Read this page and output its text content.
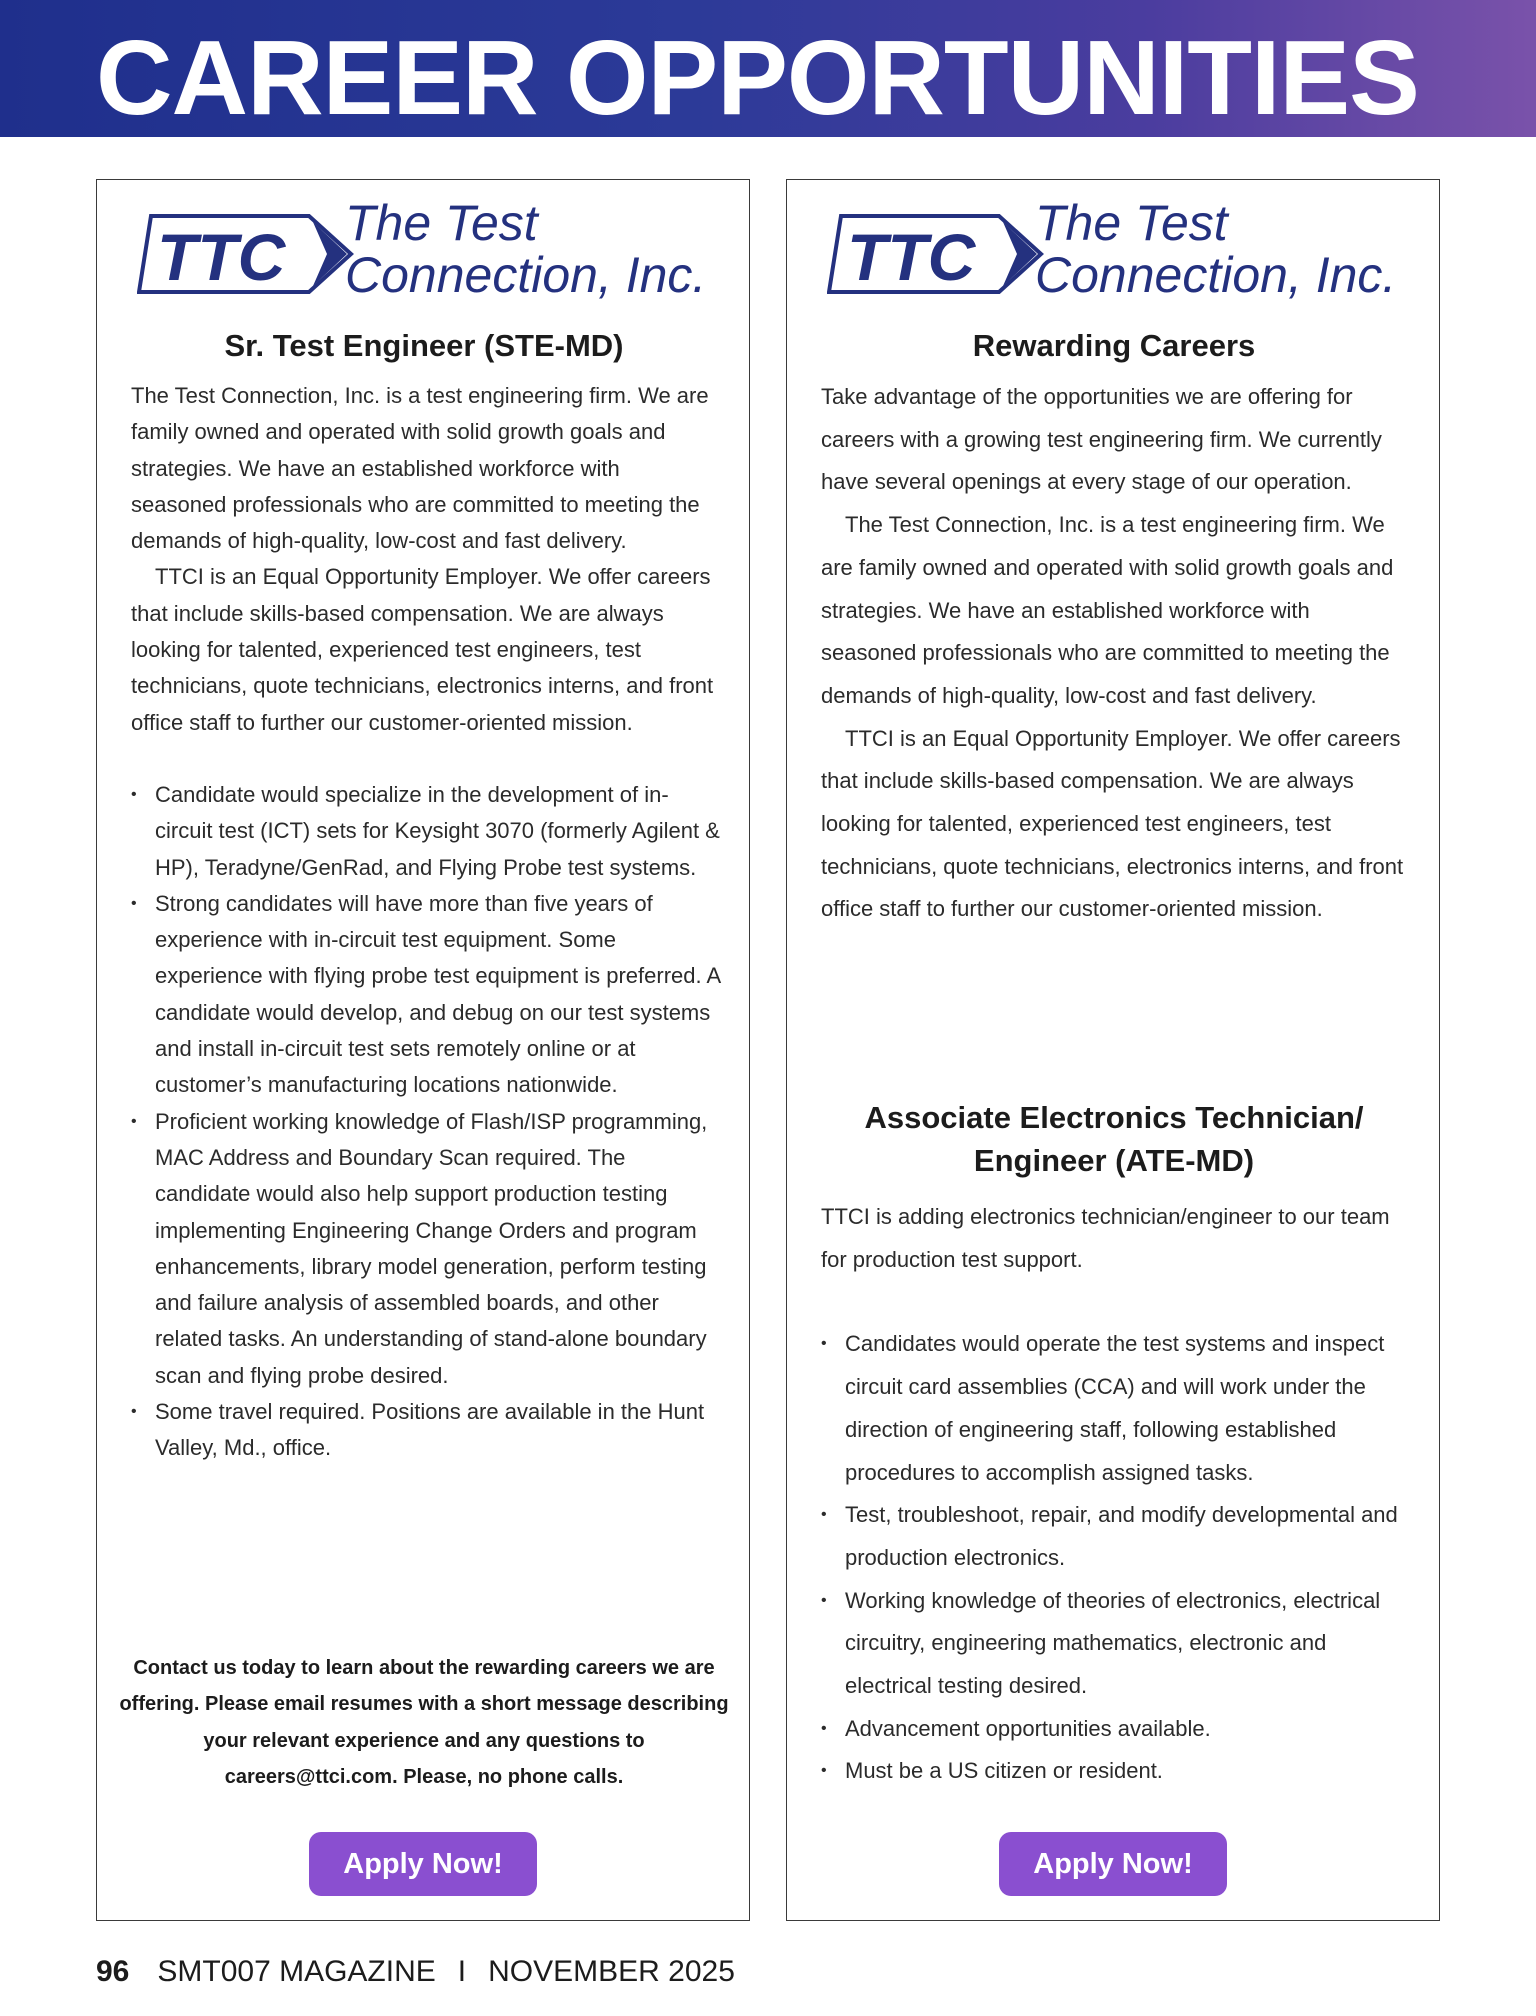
CAREER OPPORTUNITIES
TTC The Test
Connection, Inc.
Sr. Test Engineer (STE-MD)

The Test Connection, Inc. is a test engineering firm. We are family owned and operated with solid growth goals and strategies. We have an established workforce with seasoned professionals who are committed to meeting the demands of high-quality, low-cost and fast delivery.

TTCI is an Equal Opportunity Employer. We offer careers that include skills-based compensation. We are always looking for talented, experienced test engineers, test technicians, quote technicians, electronics interns, and front office staff to further our customer-oriented mission.

• Candidate would specialize in the development of in-circuit test (ICT) sets for Keysight 3070 (formerly Agilent & HP), Teradyne/GenRad, and Flying Probe test systems.
• Strong candidates will have more than five years of experience with in-circuit test equipment. Some experience with flying probe test equipment is preferred. A candidate would develop, and debug on our test systems and install in-circuit test sets remotely online or at customer’s manufacturing locations nationwide.
• Proficient working knowledge of Flash/ISP programming, MAC Address and Boundary Scan required. The candidate would also help support production testing implementing Engineering Change Orders and program enhancements, library model generation, perform testing and failure analysis of assembled boards, and other related tasks. An understanding of stand-alone boundary scan and flying probe desired.
• Some travel required. Positions are available in the Hunt Valley, Md., office.
Contact us today to learn about the rewarding careers we are offering. Please email resumes with a short message describing your relevant experience and any questions to careers@ttci.com. Please, no phone calls.
Apply Now!
TTC The Test
Connection, Inc.
Rewarding Careers

Take advantage of the opportunities we are offering for careers with a growing test engineering firm. We currently have several openings at every stage of our operation.

The Test Connection, Inc. is a test engineering firm. We are family owned and operated with solid growth goals and strategies. We have an established workforce with seasoned professionals who are committed to meeting the demands of high-quality, low-cost and fast delivery.

TTCI is an Equal Opportunity Employer. We offer careers that include skills-based compensation. We are always looking for talented, experienced test engineers, test technicians, quote technicians, electronics interns, and front office staff to further our customer-oriented mission.

Associate Electronics Technician/ Engineer (ATE-MD)

TTCI is adding electronics technician/engineer to our team for production test support.

• Candidates would operate the test systems and inspect circuit card assemblies (CCA) and will work under the direction of engineering staff, following established procedures to accomplish assigned tasks.
• Test, troubleshoot, repair, and modify developmental and production electronics.
• Working knowledge of theories of electronics, electrical circuitry, engineering mathematics, electronic and electrical testing desired.
• Advancement opportunities available.
• Must be a US citizen or resident.
Apply Now!
96 SMT007 MAGAZINE I NOVEMBER 2025
